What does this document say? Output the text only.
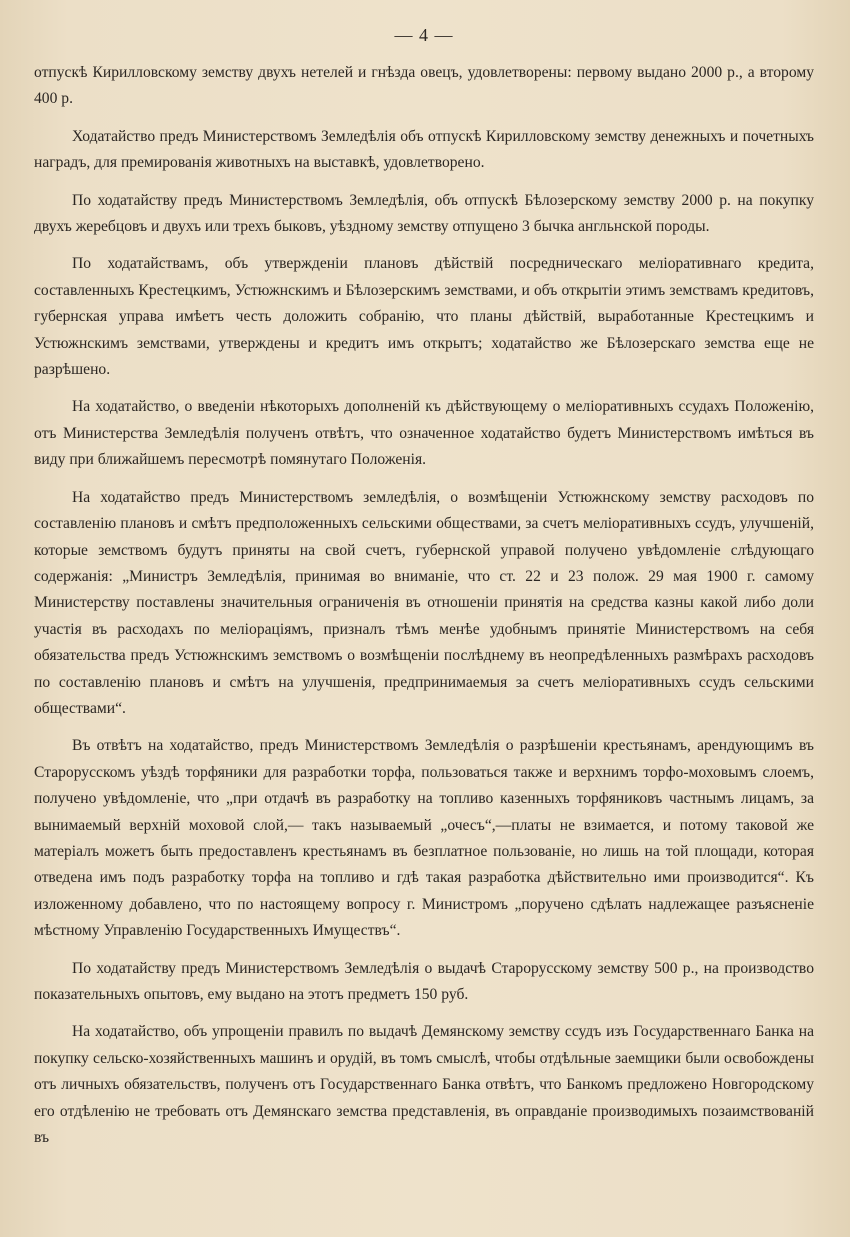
— 4 —

отпускѣ Кирилловскому земству двухъ нетелей и гнѣзда овецъ, удовлетворены: первому выдано 2000 р., а второму 400 р.

Ходатайство предъ Министерствомъ Земледѣлія объ отпускѣ Кирилловскому земству денежныхъ и почетныхъ наградъ, для премированія животныхъ на выставкѣ, удовлетворено.

По ходатайству предъ Министерствомъ Земледѣлія, объ отпускѣ Бѣлозерскому земству 2000 р. на покупку двухъ жеребцовъ и двухъ или трехъ быковъ, уѣздному земству отпущено 3 бычка англьнской породы.

По ходатайствамъ, объ утвержденіи плановъ дѣйствій посредническаго меліоративнаго кредита, составленныхъ Крестецкимъ, Устюжнскимъ и Бѣлозерскимъ земствами, и объ открытіи этимъ земствамъ кредитовъ, губернская управа имѣетъ честь доложить собранію, что планы дѣйствій, выработанные Крестецкимъ и Устюжнскимъ земствами, утверждены и кредитъ имъ открытъ; ходатайство же Бѣлозерскаго земства еще не разрѣшено.

На ходатайство, о введеніи нѣкоторыхъ дополненій къ дѣйствующему о меліоративныхъ ссудахъ Положенію, отъ Министерства Земледѣлія полученъ отвѣтъ, что означенное ходатайство будетъ Министерствомъ имѣться въ виду при ближайшемъ пересмотрѣ помянутаго Положенія.

На ходатайство предъ Министерствомъ земледѣлія, о возмѣщеніи Устюжнскому земству расходовъ по составленію плановъ и смѣтъ предположенныхъ сельскими обществами, за счетъ меліоративныхъ ссудъ, улучшеній, которые земствомъ будутъ приняты на свой счетъ, губернской управой получено увѣдомленіе слѣдующаго содержанія: „Министръ Земледѣлія, принимая во вниманіе, что ст. 22 и 23 полож. 29 мая 1900 г. самому Министерству поставлены значительныя ограниченія въ отношеніи принятія на средства казны какой либо доли участія въ расходахъ по меліораціямъ, призналъ тѣмъ менѣе удобнымъ принятіе Министерствомъ на себя обязательства предъ Устюжнскимъ земствомъ о возмѣщеніи послѣднему въ неопредѣленныхъ размѣрахъ расходовъ по составленію плановъ и смѣтъ на улучшенія, предпринимаемыя за счетъ меліоративныхъ ссудъ сельскими обществами“.

Въ отвѣтъ на ходатайство, предъ Министерствомъ Земледѣлія о разрѣшеніи крестьянамъ, арендующимъ въ Старорусскомъ уѣздѣ торфяники для разработки торфа, пользоваться также и верхнимъ торфо-моховымъ слоемъ, получено увѣдомленіе, что „при отдачѣ въ разработку на топливо казенныхъ торфяниковъ частнымъ лицамъ, за вынимаемый верхній моховой слой,— такъ называемый „очесъ“,—платы не взимается, и потому таковой же матеріалъ можетъ быть предоставленъ крестьянамъ въ безплатное пользованіе, но лишь на той площади, которая отведена имъ подъ разработку торфа на топливо и гдѣ такая разработка дѣйствительно ими производится“. Къ изложенному добавлено, что по настоящему вопросу г. Министромъ „поручено сдѣлать надлежащее разъясненіе мѣстному Управленію Государственныхъ Имуществъ“.

По ходатайству предъ Министерствомъ Земледѣлія о выдачѣ Старорусскому земству 500 р., на производство показательныхъ опытовъ, ему выдано на этотъ предметъ 150 руб.

На ходатайство, объ упрощеніи правилъ по выдачѣ Демянскому земству ссудъ изъ Государственнаго Банка на покупку сельско-хозяйственныхъ машинъ и орудій, въ томъ смыслѣ, чтобы отдѣльные заемщики были освобождены отъ личныхъ обязательствъ, полученъ отъ Государственнаго Банка отвѣтъ, что Банкомъ предложено Новгородскому его отдѣленію не требовать отъ Демянскаго земства представленія, въ оправданіе производимыхъ позаимствованій въ
